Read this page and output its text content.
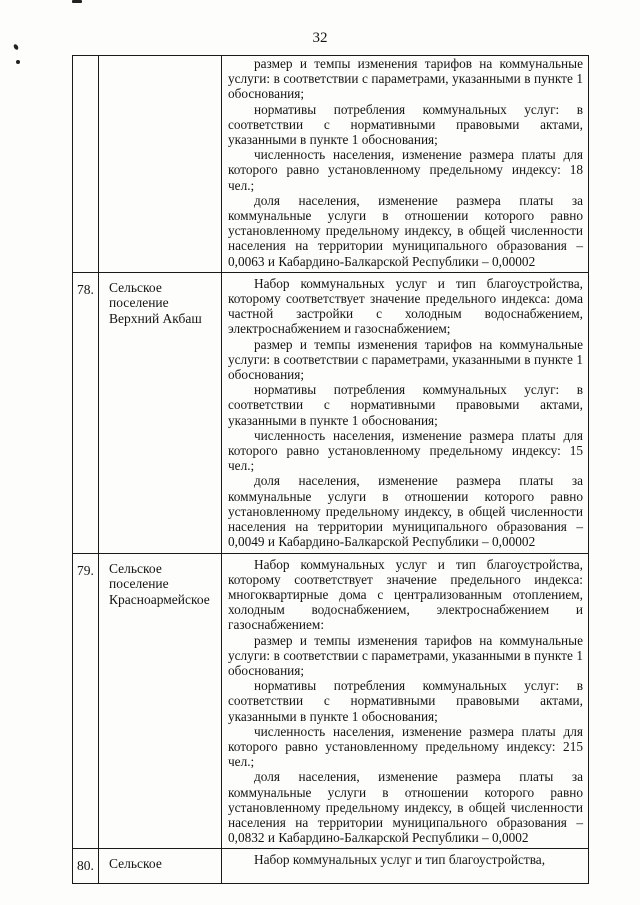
32

		размер и темпы изменения тарифов на коммунальные услуги: в соответствии с параметрами, указанными в пункте 1 обоснования;

нормативы потребления коммунальных услуг: в соответствии с нормативными правовыми актами, указанными в пункте 1 обоснования;

численность населения, изменение размера платы для которого равно установленному предельному индексу: 18 чел.;

доля населения, изменение размера платы за коммунальные услуги в отношении которого равно установленному предельному индексу, в общей численности населения на территории муниципального образования – 0,0063 и Кабардино-Балкарской Республики – 0,00002

78.	Сельское поселение Верхний Акбаш	Набор коммунальных услуг и тип благоустройства, которому соответствует значение предельного индекса: дома частной застройки с холодным водоснабжением, электроснабжением и газоснабжением;

размер и темпы изменения тарифов на коммунальные услуги: в соответствии с параметрами, указанными в пункте 1 обоснования;

нормативы потребления коммунальных услуг: в соответствии с нормативными правовыми актами, указанными в пункте 1 обоснования;

численность населения, изменение размера платы для которого равно установленному предельному индексу: 15 чел.;

доля населения, изменение размера платы за коммунальные услуги в отношении которого равно установленному предельному индексу, в общей численности населения на территории муниципального образования – 0,0049 и Кабардино-Балкарской Республики – 0,00002

79.	Сельское поселение Красноармейское	Набор коммунальных услуг и тип благоустройства, которому соответствует значение предельного индекса: многоквартирные дома с централизованным отоплением, холодным водоснабжением, электроснабжением и газоснабжением:

размер и темпы изменения тарифов на коммунальные услуги: в соответствии с параметрами, указанными в пункте 1 обоснования;

нормативы потребления коммунальных услуг: в соответствии с нормативными правовыми актами, указанными в пункте 1 обоснования;

численность населения, изменение размера платы для которого равно установленному предельному индексу: 215 чел.;

доля населения, изменение размера платы за коммунальные услуги в отношении которого равно установленному предельному индексу, в общей численности населения на территории муниципального образования – 0,0832 и Кабардино-Балкарской Республики – 0,0002

80.	Сельское	Набор коммунальных услуг и тип благоустройства,
